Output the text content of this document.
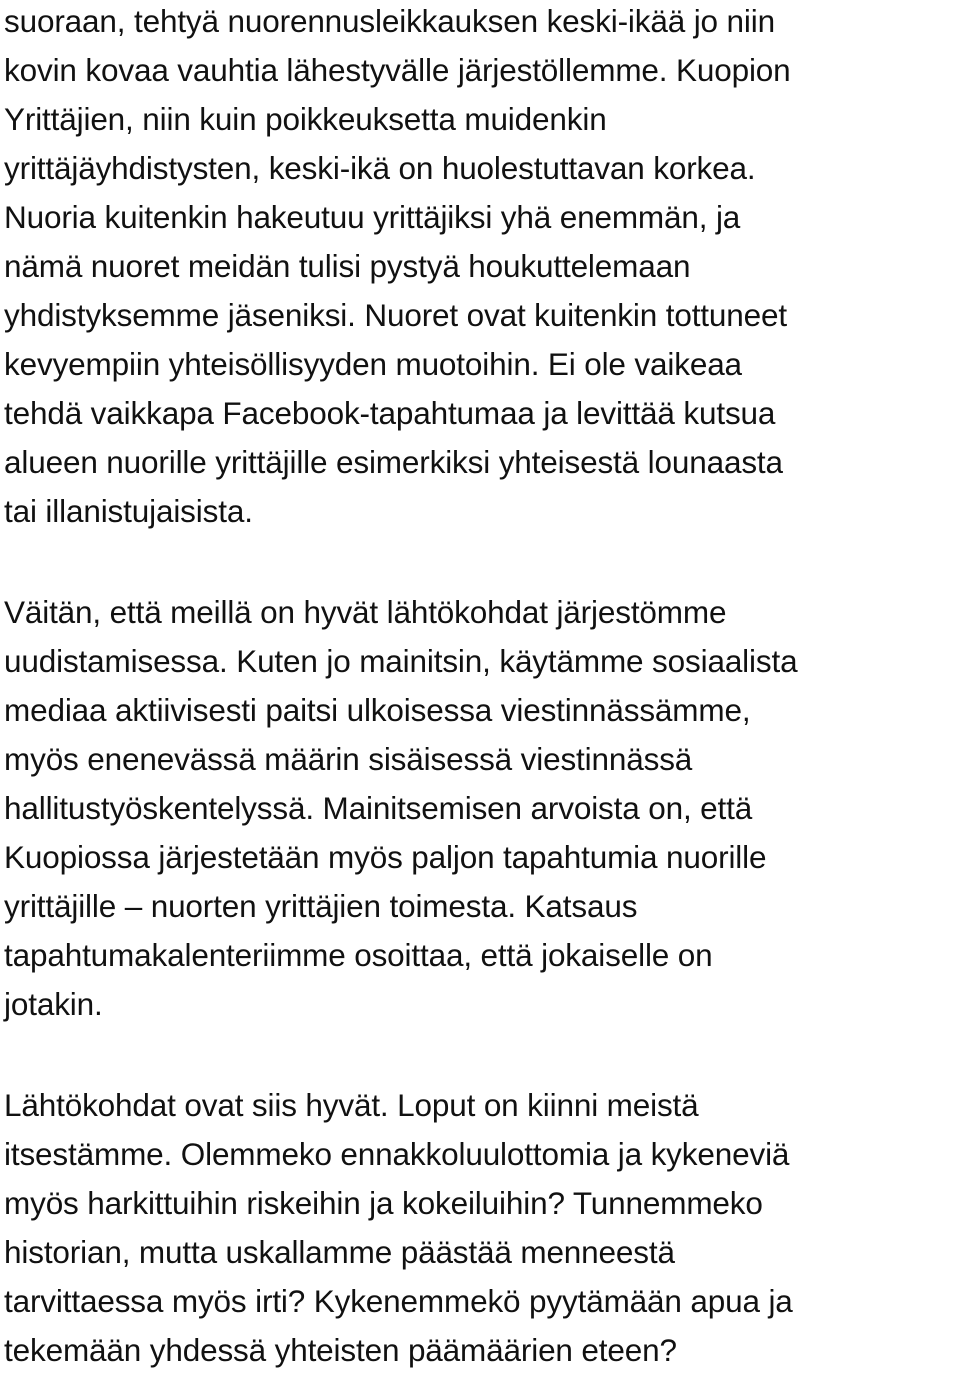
suoraan, tehtyä nuorennusleikkauksen keski-ikää jo niin

kovin kovaa vauhtia lähestyvälle järjestöllemme. Kuopion

Yrittäjien, niin kuin poikkeuksetta muidenkin

yrittäjäyhdistysten, keski-ikä on huolestuttavan korkea.

Nuoria kuitenkin hakeutuu yrittäjiksi yhä enemmän, ja

nämä nuoret meidän tulisi pystyä houkuttelemaan

yhdistyksemme jäseniksi. Nuoret ovat kuitenkin tottuneet

kevyempiin yhteisöllisyyden muotoihin. Ei ole vaikeaa

tehdä vaikkapa Facebook-tapahtumaa ja levittää kutsua

alueen nuorille yrittäjille esimerkiksi yhteisestä lounaasta

tai illanistujaisista.

Väitän, että meillä on hyvät lähtökohdat järjestömme

uudistamisessa. Kuten jo mainitsin, käytämme sosiaalista

mediaa aktiivisesti paitsi ulkoisessa viestinnässämme,

myös enenevässä määrin sisäisessä viestinnässä

hallitustyöskentelyssä. Mainitsemisen arvoista on, että

Kuopiossa järjestetään myös paljon tapahtumia nuorille

yrittäjille – nuorten yrittäjien toimesta. Katsaus

tapahtumakalenteriimme osoittaa, että jokaiselle on

jotakin.

Lähtökohdat ovat siis hyvät. Loput on kiinni meistä

itsestämme. Olemmeko ennakkoluulottomia ja kykeneviä

myös harkittuihin riskeihin ja kokeiluihin? Tunnemmeko

historian, mutta uskallamme päästää menneestä

tarvittaessa myös irti? Kykenemmekö pyytämään apua ja

tekemään yhdessä yhteisten päämäärien eteen?
